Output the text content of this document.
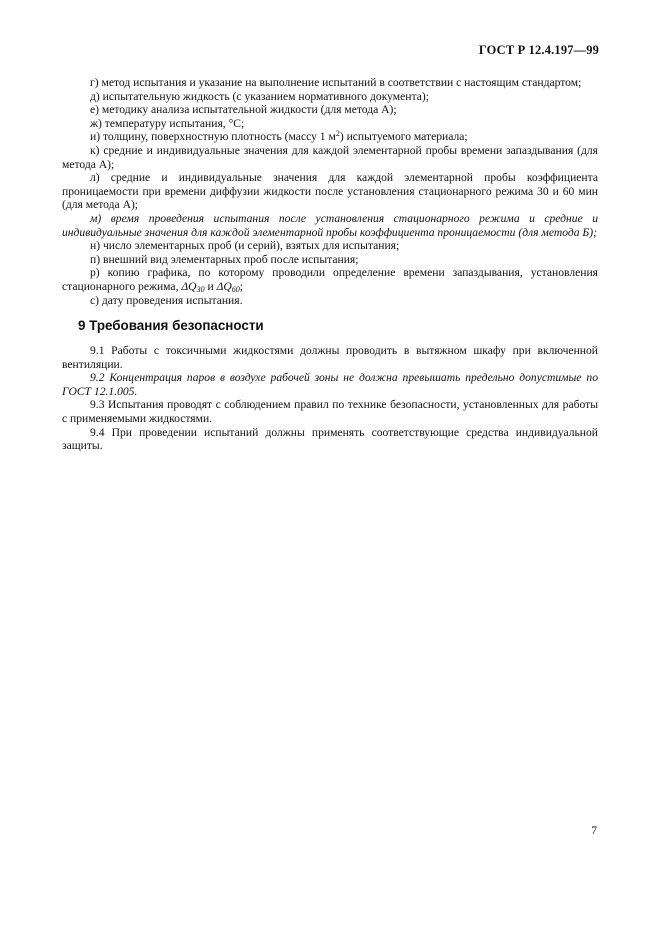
ГОСТ Р 12.4.197—99

г) метод испытания и указание на выполнение испытаний в соответствии с настоящим стандартом;

д) испытательную жидкость (с указанием нормативного документа);

е) методику анализа испытательной жидкости (для метода А);

ж) температуру испытания, °С;

и) толщину, поверхностную плотность (массу 1 $м^2$) испытуемого материала;

к) средние и индивидуальные значения для каждой элементарной пробы времени запаздывания (для метода А);

л) средние и индивидуальные значения для каждой элементарной пробы коэффициента проницаемости при времени диффузии жидкости после установления стационарного режима 30 и 60 мин (для метода А);

м) время проведения испытания после установления стационарного режима и средние и индивидуальные значения для каждой элементарной пробы коэффициента проницаемости (для метода Б);

н) число элементарных проб (и серий), взятых для испытания;

п) внешний вид элементарных проб после испытания;

р) копию графика, по которому проводили определение времени запаздывания, установления стационарного режима, $\Delta Q_{30}$ и $\Delta Q_{60}$;

с) дату проведения испытания.

9 Требования безопасности

9.1 Работы с токсичными жидкостями должны проводить в вытяжном шкафу при включенной вентиляции.

9.2 Концентрация паров в воздухе рабочей зоны не должна превышать предельно допустимые по ГОСТ 12.1.005.

9.3 Испытания проводят с соблюдением правил по технике безопасности, установленных для работы с применяемыми жидкостями.

9.4 При проведении испытаний должны применять соответствующие средства индивидуальной защиты.

7
